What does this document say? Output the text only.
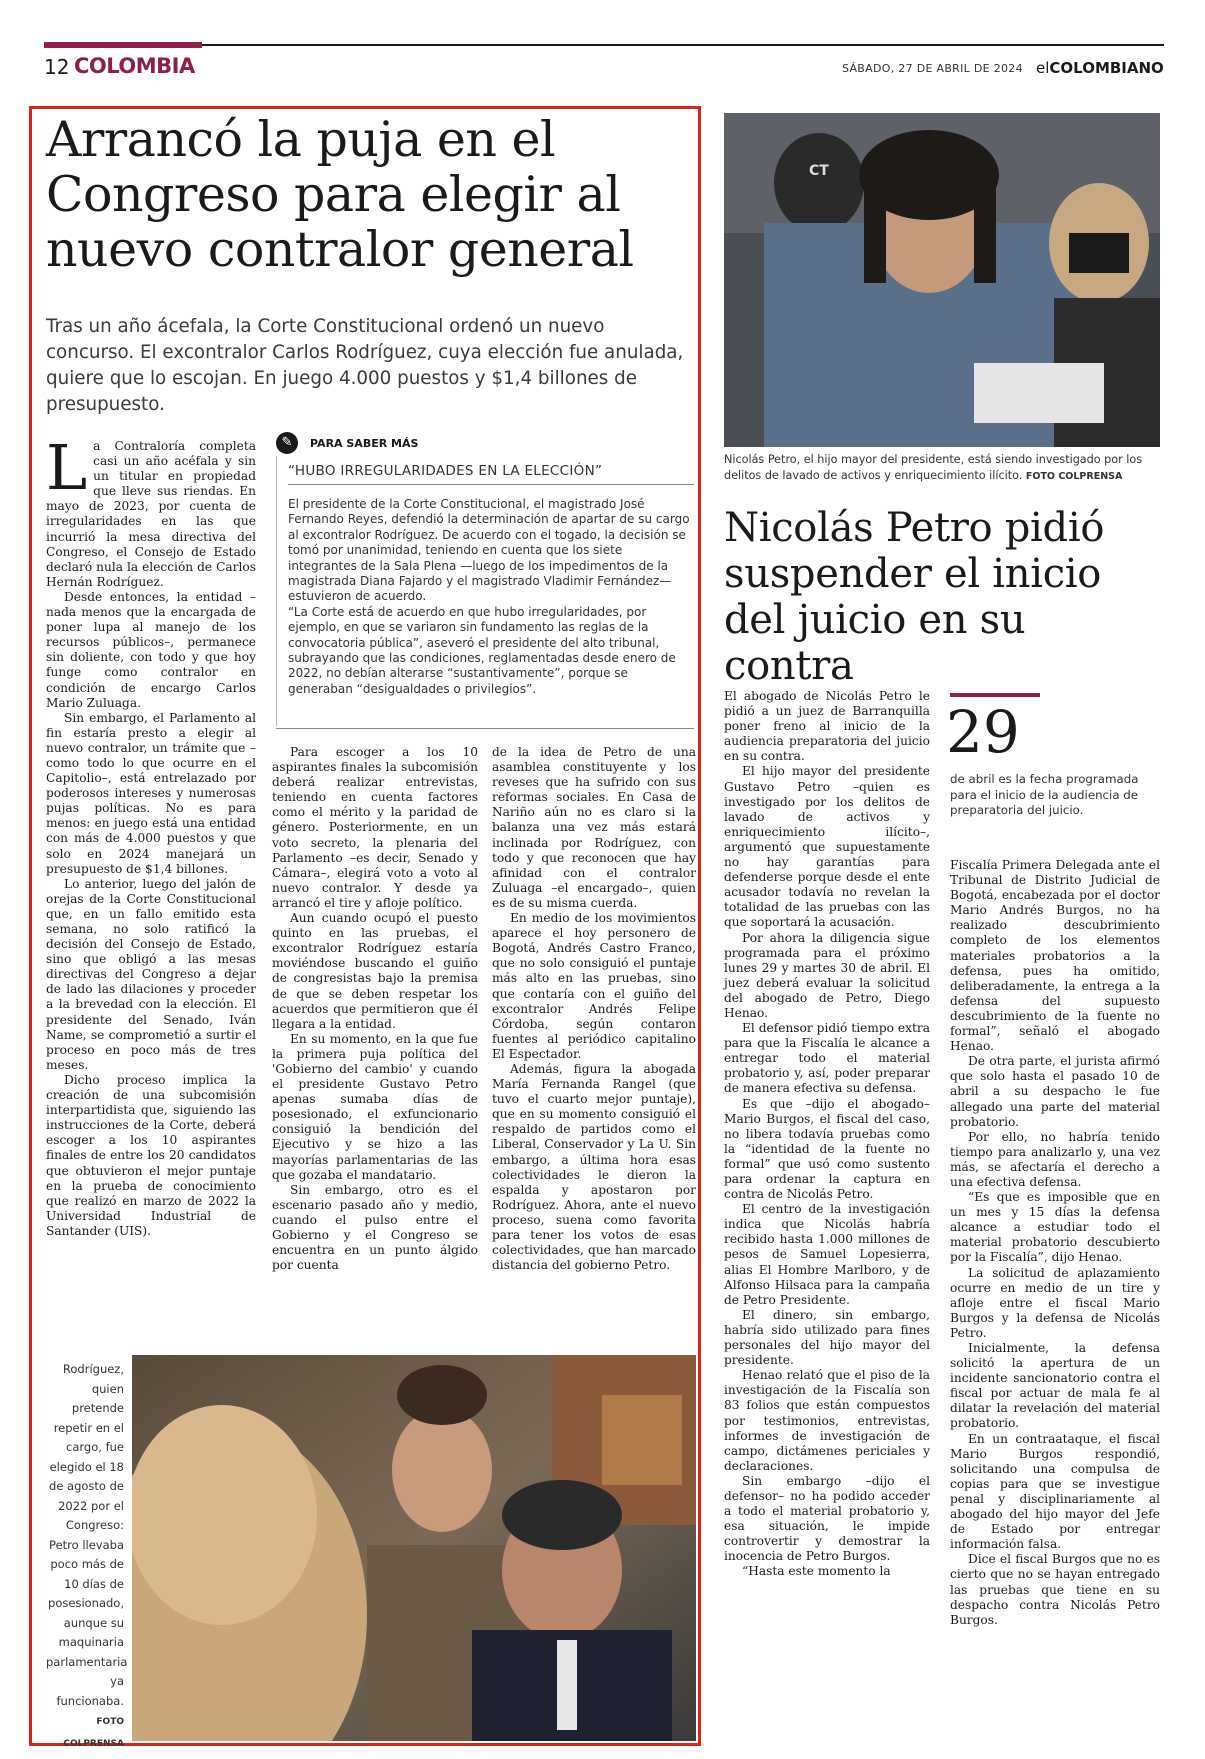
12 COLOMBIA	SÁBADO, 27 DE ABRIL DE 2024 elCOLOMBIANO
Arrancó la puja en el Congreso para elegir al nuevo contralor general
Tras un año ácefala, la Corte Constitucional ordenó un nuevo concurso. El excontralor Carlos Rodríguez, cuya elección fue anulada, quiere que lo escojan. En juego 4.000 puestos y $1,4 billones de presupuesto.

La Contraloría completa casi un año acéfala y sin un titular en propiedad que lleve sus riendas. En mayo de 2023, por cuenta de irregularidades en las que incurrió la mesa directiva del Congreso, el Consejo de Estado declaró nula la elección de Carlos Hernán Rodríguez.

Desde entonces, la entidad –nada menos que la encargada de poner lupa al manejo de los recursos públicos–, permanece sin doliente, con todo y que hoy funge como contralor en condición de encargo Carlos Mario Zuluaga.

Sin embargo, el Parlamento al fin estaría presto a elegir al nuevo contralor, un trámite que –como todo lo que ocurre en el Capitolio–, está entrelazado por poderosos intereses y numerosas pujas políticas. No es para menos: en juego está una entidad con más de 4.000 puestos y que solo en 2024 manejará un presupuesto de $1,4 billones.

Lo anterior, luego del jalón de orejas de la Corte Constitucional que, en un fallo emitido esta semana, no solo ratificó la decisión del Consejo de Estado, sino que obligó a las mesas directivas del Congreso a dejar de lado las dilaciones y proceder a la brevedad con la elección. El presidente del Senado, Iván Name, se comprometió a surtir el proceso en poco más de tres meses.

Dicho proceso implica la creación de una subcomisión interpartidista que, siguiendo las instrucciones de la Corte, deberá escoger a los 10 aspirantes finales de entre los 20 candidatos que obtuvieron el mejor puntaje en la prueba de conocimiento que realizó en marzo de 2022 la Universidad Industrial de Santander (UIS).

✎	PARA SABER MÁS
“HUBO IRREGULARIDADES EN LA ELECCIÓN”

El presidente de la Corte Constitucional, el magistrado José Fernando Reyes, defendió la determinación de apartar de su cargo al excontralor Rodríguez. De acuerdo con el togado, la decisión se tomó por unanimidad, teniendo en cuenta que los siete integrantes de la Sala Plena —luego de los impedimentos de la magistrada Diana Fajardo y el magistrado Vladimir Fernández— estuvieron de acuerdo.

“La Corte está de acuerdo en que hubo irregularidades, por ejemplo, en que se variaron sin fundamento las reglas de la convocatoria pública”, aseveró el presidente del alto tribunal, subrayando que las condiciones, reglamentadas desde enero de 2022, no debían alterarse “sustantivamente”, porque se generaban “desigualdades o privilegios”.

Para escoger a los 10 aspirantes finales la subcomisión deberá realizar entrevistas, teniendo en cuenta factores como el mérito y la paridad de género. Posteriormente, en un voto secreto, la plenaria del Parlamento –es decir, Senado y Cámara–, elegirá voto a voto al nuevo contralor. Y desde ya arrancó el tire y afloje político.

Aun cuando ocupó el puesto quinto en las pruebas, el excontralor Rodríguez estaría moviéndose buscando el guiño de congresistas bajo la premisa de que se deben respetar los acuerdos que permitieron que él llegara a la entidad.

En su momento, en la que fue la primera puja política del 'Gobierno del cambio' y cuando el presidente Gustavo Petro apenas sumaba días de posesionado, el exfuncionario consiguió la bendición del Ejecutivo y se hizo a las mayorías parlamentarias de las que gozaba el mandatario.

Sin embargo, otro es el escenario pasado año y medio, cuando el pulso entre el Gobierno y el Congreso se encuentra en un punto álgido por cuenta

de la idea de Petro de una asamblea constituyente y los reveses que ha sufrido con sus reformas sociales. En Casa de Nariño aún no es claro si la balanza una vez más estará inclinada por Rodríguez, con todo y que reconocen que hay afinidad con el contralor Zuluaga –el encargado–, quien es de su misma cuerda.

En medio de los movimientos aparece el hoy personero de Bogotá, Andrés Castro Franco, que no solo consiguió el puntaje más alto en las pruebas, sino que contaría con el guiño del excontralor Andrés Felipe Córdoba, según contaron fuentes al periódico capitalino El Espectador.

Además, figura la abogada María Fernanda Rangel (que tuvo el cuarto mejor puntaje), que en su momento consiguió el respaldo de partidos como el Liberal, Conservador y La U. Sin embargo, a última hora esas colectividades le dieron la espalda y apostaron por Rodríguez. Ahora, ante el nuevo proceso, suena como favorita para tener los votos de esas colectividades, que han marcado distancia del gobierno Petro.

Rodríguez, quien pretende repetir en el cargo, fue elegido el 18 de agosto de 2022 por el Congreso: Petro llevaba poco más de 10 días de posesionado, aunque su maquinaria parlamentaria ya funcionaba. FOTO COLPRENSA
CT
Nicolás Petro, el hijo mayor del presidente, está siendo investigado por los delitos de lavado de activos y enriquecimiento ilícito. FOTO COLPRENSA
Nicolás Petro pidió suspender el inicio del juicio en su contra

El abogado de Nicolás Petro le pidió a un juez de Barranquilla poner freno al inicio de la audiencia preparatoria del juicio en su contra.

El hijo mayor del presidente Gustavo Petro –quien es investigado por los delitos de lavado de activos y enriquecimiento ilícito–, argumentó que supuestamente no hay garantías para defenderse porque desde el ente acusador todavía no revelan la totalidad de las pruebas con las que soportará la acusación.

Por ahora la diligencia sigue programada para el próximo lunes 29 y martes 30 de abril. El juez deberá evaluar la solicitud del abogado de Petro, Diego Henao.

El defensor pidió tiempo extra para que la Fiscalía le alcance a entregar todo el material probatorio y, así, poder preparar de manera efectiva su defensa.

Es que –dijo el abogado– Mario Burgos, el fiscal del caso, no libera todavía pruebas como la “identidad de la fuente no formal” que usó como sustento para ordenar la captura en contra de Nicolás Petro.

El centro de la investigación indica que Nicolás habría recibido hasta 1.000 millones de pesos de Samuel Lopesierra, alias El Hombre Marlboro, y de Alfonso Hilsaca para la campaña de Petro Presidente.

El dinero, sin embargo, habría sido utilizado para fines personales del hijo mayor del presidente.

Henao relató que el piso de la investigación de la Fiscalía son 83 folios que están compuestos por testimonios, entrevistas, informes de investigación de campo, dictámenes periciales y declaraciones.

Sin embargo –dijo el defensor– no ha podido acceder a todo el material probatorio y, esa situación, le impide controvertir y demostrar la inocencia de Petro Burgos.

“Hasta este momento la

29
de abril es la fecha programada para el inicio de la audiencia de preparatoria del juicio.

Fiscalía Primera Delegada ante el Tribunal de Distrito Judicial de Bogotá, encabezada por el doctor Mario Andrés Burgos, no ha realizado descubrimiento completo de los elementos materiales probatorios a la defensa, pues ha omitido, deliberadamente, la entrega a la defensa del supuesto descubrimiento de la fuente no formal”, señaló el abogado Henao.

De otra parte, el jurista afirmó que solo hasta el pasado 10 de abril a su despacho le fue allegado una parte del material probatorio.

Por ello, no habría tenido tiempo para analizarlo y, una vez más, se afectaría el derecho a una efectiva defensa.

“Es que es imposible que en un mes y 15 días la defensa alcance a estudiar todo el material probatorio descubierto por la Fiscalía”, dijo Henao.

La solicitud de aplazamiento ocurre en medio de un tire y afloje entre el fiscal Mario Burgos y la defensa de Nicolás Petro.

Inicialmente, la defensa solicitó la apertura de un incidente sancionatorio contra el fiscal por actuar de mala fe al dilatar la revelación del material probatorio.

En un contraataque, el fiscal Mario Burgos respondió, solicitando una compulsa de copias para que se investigue penal y disciplinariamente al abogado del hijo mayor del Jefe de Estado por entregar información falsa.

Dice el fiscal Burgos que no es cierto que no se hayan entregado las pruebas que tiene en su despacho contra Nicolás Petro Burgos.
